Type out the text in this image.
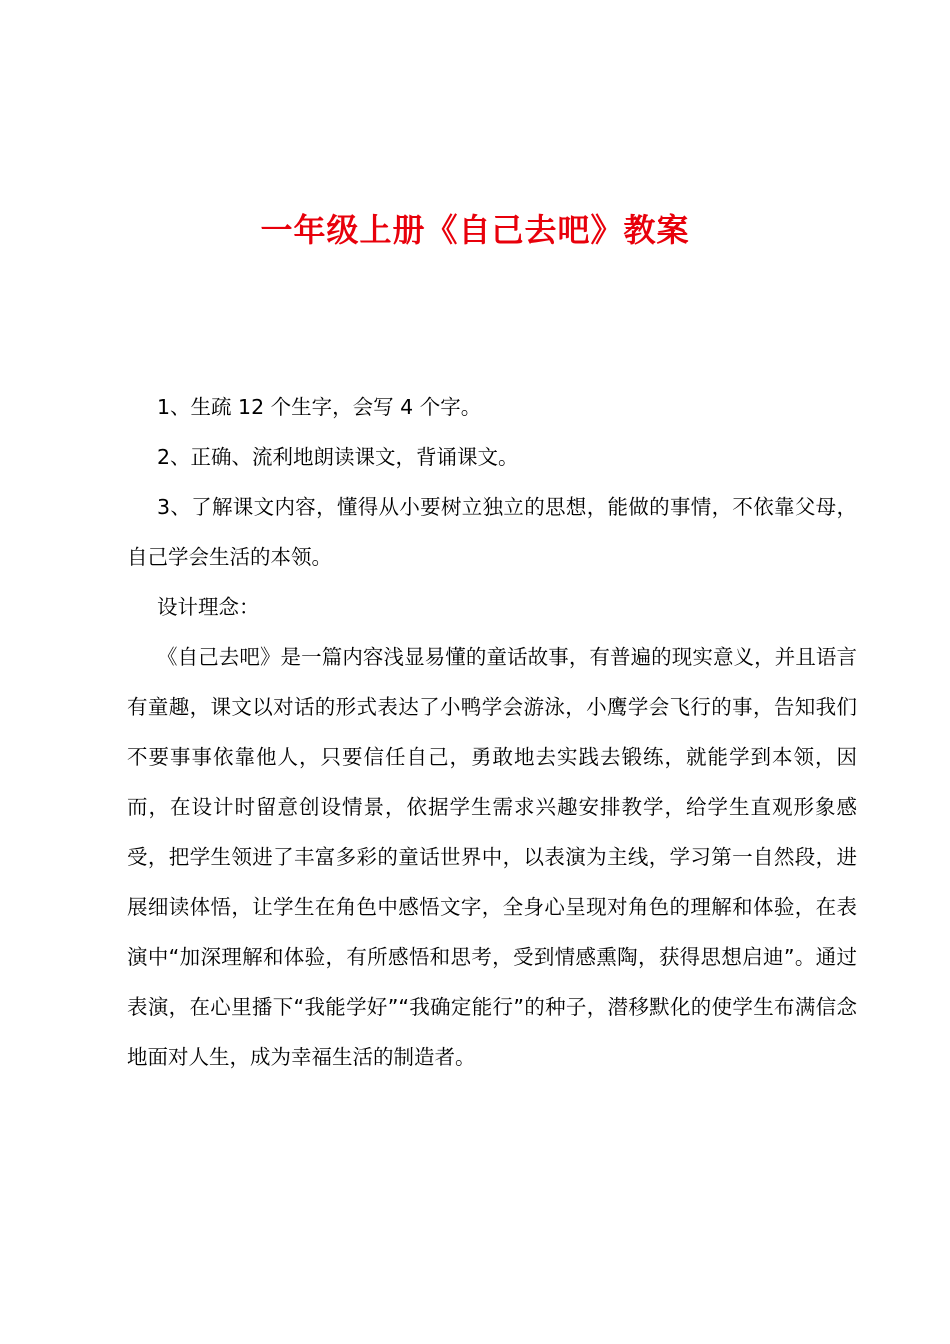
一年级上册《自己去吧》教案

1、生疏 12 个生字，会写 4 个字。

2、正确、流利地朗读课文，背诵课文。

3、了解课文内容，懂得从小要树立独立的思想，能做的事情，不依靠父母，自己学会生活的本领。

设计理念：

《自己去吧》是一篇内容浅显易懂的童话故事，有普遍的现实意义，并且语言有童趣，课文以对话的形式表达了小鸭学会游泳，小鹰学会飞行的事，告知我们不要事事依靠他人，只要信任自己，勇敢地去实践去锻练，就能学到本领，因而，在设计时留意创设情景，依据学生需求兴趣安排教学，给学生直观形象感受，把学生领进了丰富多彩的童话世界中，以表演为主线，学习第一自然段，进展细读体悟，让学生在角色中感悟文字，全身心呈现对角色的理解和体验，在表演中“加深理解和体验，有所感悟和思考，受到情感熏陶，获得思想启迪”。通过表演，在心里播下“我能学好”“我确定能行”的种子，潜移默化的使学生布满信念地面对人生，成为幸福生活的制造者。
